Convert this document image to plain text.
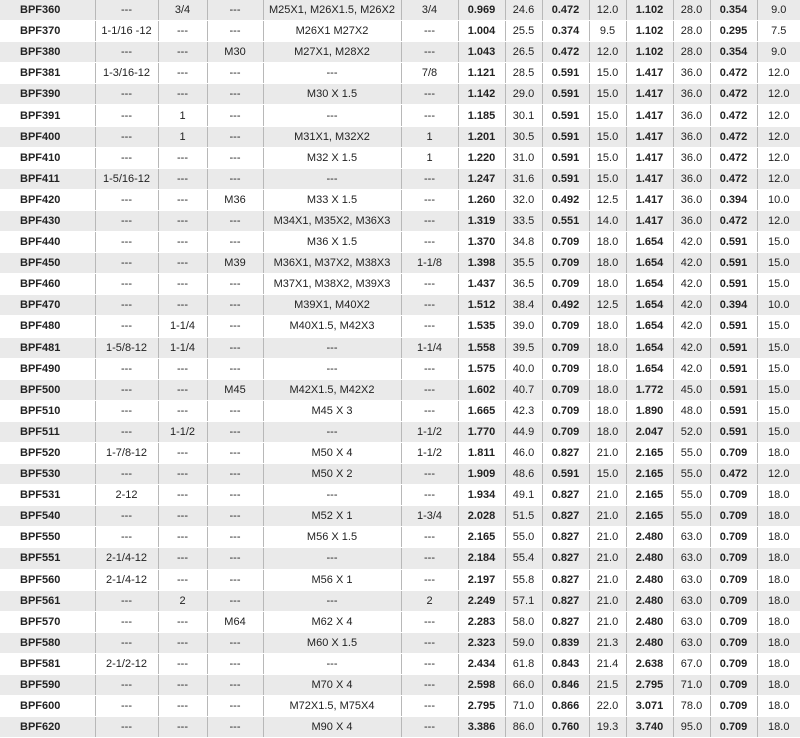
BPF360	---	3/4	---	M25X1, M26X1.5, M26X2	3/4	0.969	24.6	0.472	12.0	1.102	28.0	0.354	9.0
BPF370	1-1/16 -12	---	---	M26X1 M27X2	---	1.004	25.5	0.374	9.5	1.102	28.0	0.295	7.5
BPF380	---	---	M30	M27X1, M28X2	---	1.043	26.5	0.472	12.0	1.102	28.0	0.354	9.0
BPF381	1-3/16-12	---	---	---	7/8	1.121	28.5	0.591	15.0	1.417	36.0	0.472	12.0
BPF390	---	---	---	M30 X 1.5	---	1.142	29.0	0.591	15.0	1.417	36.0	0.472	12.0
BPF391	---	1	---	---	---	1.185	30.1	0.591	15.0	1.417	36.0	0.472	12.0
BPF400	---	1	---	M31X1, M32X2	1	1.201	30.5	0.591	15.0	1.417	36.0	0.472	12.0
BPF410	---	---	---	M32 X 1.5	1	1.220	31.0	0.591	15.0	1.417	36.0	0.472	12.0
BPF411	1-5/16-12	---	---	---	---	1.247	31.6	0.591	15.0	1.417	36.0	0.472	12.0
BPF420	---	---	M36	M33 X 1.5	---	1.260	32.0	0.492	12.5	1.417	36.0	0.394	10.0
BPF430	---	---	---	M34X1, M35X2, M36X3	---	1.319	33.5	0.551	14.0	1.417	36.0	0.472	12.0
BPF440	---	---	---	M36 X 1.5	---	1.370	34.8	0.709	18.0	1.654	42.0	0.591	15.0
BPF450	---	---	M39	M36X1, M37X2, M38X3	1-1/8	1.398	35.5	0.709	18.0	1.654	42.0	0.591	15.0
BPF460	---	---	---	M37X1, M38X2, M39X3	---	1.437	36.5	0.709	18.0	1.654	42.0	0.591	15.0
BPF470	---	---	---	M39X1, M40X2	---	1.512	38.4	0.492	12.5	1.654	42.0	0.394	10.0
BPF480	---	1-1/4	---	M40X1.5, M42X3	---	1.535	39.0	0.709	18.0	1.654	42.0	0.591	15.0
BPF481	1-5/8-12	1-1/4	---	---	1-1/4	1.558	39.5	0.709	18.0	1.654	42.0	0.591	15.0
BPF490	---	---	---	---	---	1.575	40.0	0.709	18.0	1.654	42.0	0.591	15.0
BPF500	---	---	M45	M42X1.5, M42X2	---	1.602	40.7	0.709	18.0	1.772	45.0	0.591	15.0
BPF510	---	---	---	M45 X 3	---	1.665	42.3	0.709	18.0	1.890	48.0	0.591	15.0
BPF511	---	1-1/2	---	---	1-1/2	1.770	44.9	0.709	18.0	2.047	52.0	0.591	15.0
BPF520	1-7/8-12	---	---	M50 X 4	1-1/2	1.811	46.0	0.827	21.0	2.165	55.0	0.709	18.0
BPF530	---	---	---	M50 X 2	---	1.909	48.6	0.591	15.0	2.165	55.0	0.472	12.0
BPF531	2-12	---	---	---	---	1.934	49.1	0.827	21.0	2.165	55.0	0.709	18.0
BPF540	---	---	---	M52 X 1	1-3/4	2.028	51.5	0.827	21.0	2.165	55.0	0.709	18.0
BPF550	---	---	---	M56 X 1.5	---	2.165	55.0	0.827	21.0	2.480	63.0	0.709	18.0
BPF551	2-1/4-12	---	---	---	---	2.184	55.4	0.827	21.0	2.480	63.0	0.709	18.0
BPF560	2-1/4-12	---	---	M56 X 1	---	2.197	55.8	0.827	21.0	2.480	63.0	0.709	18.0
BPF561	---	2	---	---	2	2.249	57.1	0.827	21.0	2.480	63.0	0.709	18.0
BPF570	---	---	M64	M62 X 4	---	2.283	58.0	0.827	21.0	2.480	63.0	0.709	18.0
BPF580	---	---	---	M60 X 1.5	---	2.323	59.0	0.839	21.3	2.480	63.0	0.709	18.0
BPF581	2-1/2-12	---	---	---	---	2.434	61.8	0.843	21.4	2.638	67.0	0.709	18.0
BPF590	---	---	---	M70 X 4	---	2.598	66.0	0.846	21.5	2.795	71.0	0.709	18.0
BPF600	---	---	---	M72X1.5, M75X4	---	2.795	71.0	0.866	22.0	3.071	78.0	0.709	18.0
BPF620	---	---	---	M90 X 4	---	3.386	86.0	0.760	19.3	3.740	95.0	0.709	18.0
